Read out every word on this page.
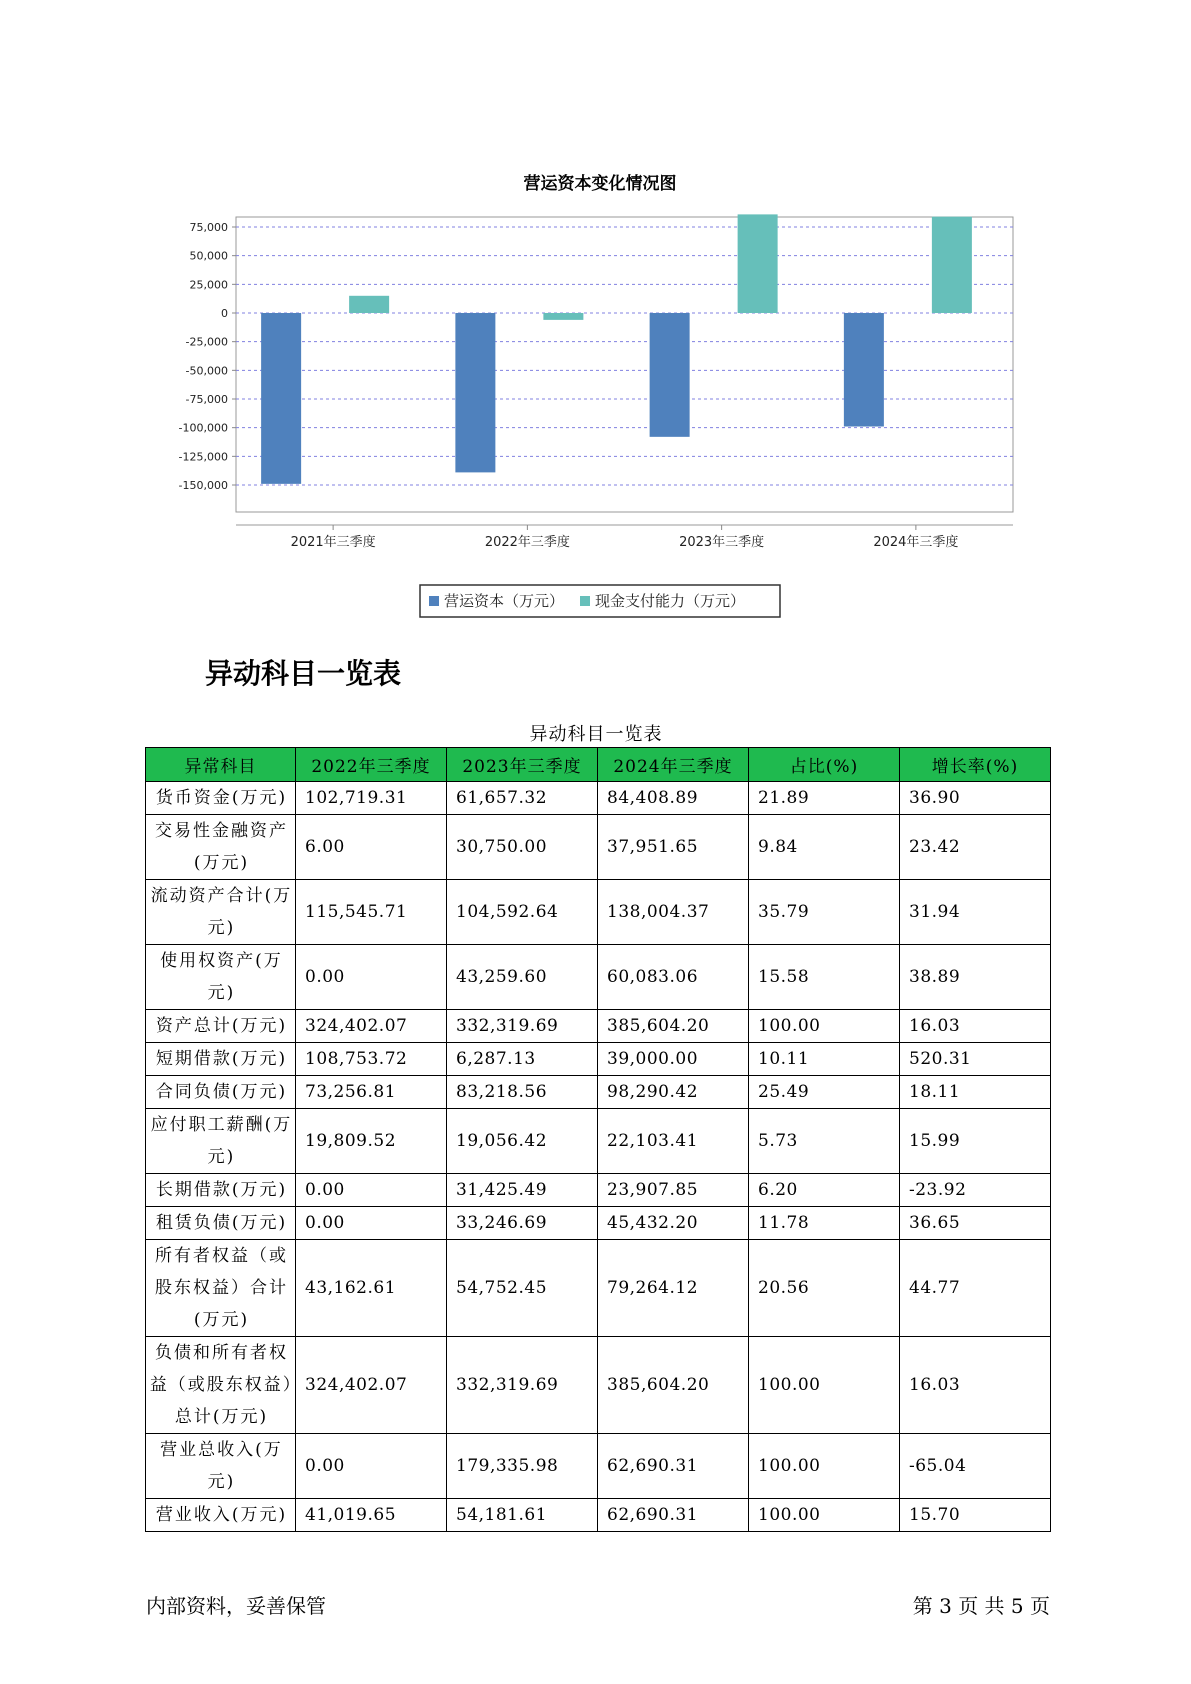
营运资本变化情况图
75,000
50,000
25,000
0
-25,000
-50,000
-75,000
-100,000
-125,000
-150,000
2021年三季度	2022年三季度	2023年三季度	2024年三季度
营运资本（万元） 现金支付能力（万元）
异动科目一览表
异动科目一览表
异常科目	2022年三季度	2023年三季度	2024年三季度	占比(%)	增长率(%)
货币资金(万元)	102,719.31	61,657.32	84,408.89	21.89	36.90
交易性金融资产(万元)	6.00	30,750.00	37,951.65	9.84	23.42
流动资产合计(万元)	115,545.71	104,592.64	138,004.37	35.79	31.94
使用权资产(万元)	0.00	43,259.60	60,083.06	15.58	38.89
资产总计(万元)	324,402.07	332,319.69	385,604.20	100.00	16.03
短期借款(万元)	108,753.72	6,287.13	39,000.00	10.11	520.31
合同负债(万元)	73,256.81	83,218.56	98,290.42	25.49	18.11
应付职工薪酬(万元)	19,809.52	19,056.42	22,103.41	5.73	15.99
长期借款(万元)	0.00	31,425.49	23,907.85	6.20	-23.92
租赁负债(万元)	0.00	33,246.69	45,432.20	11.78	36.65
所有者权益（或股东权益）合计(万元)	43,162.61	54,752.45	79,264.12	20.56	44.77
负债和所有者权益（或股东权益）总计(万元)	324,402.07	332,319.69	385,604.20	100.00	16.03
营业总收入(万元)	0.00	179,335.98	62,690.31	100.00	-65.04
营业收入(万元)	41,019.65	54,181.61	62,690.31	100.00	15.70
内部资料，妥善保管	第 3 页 共 5 页
